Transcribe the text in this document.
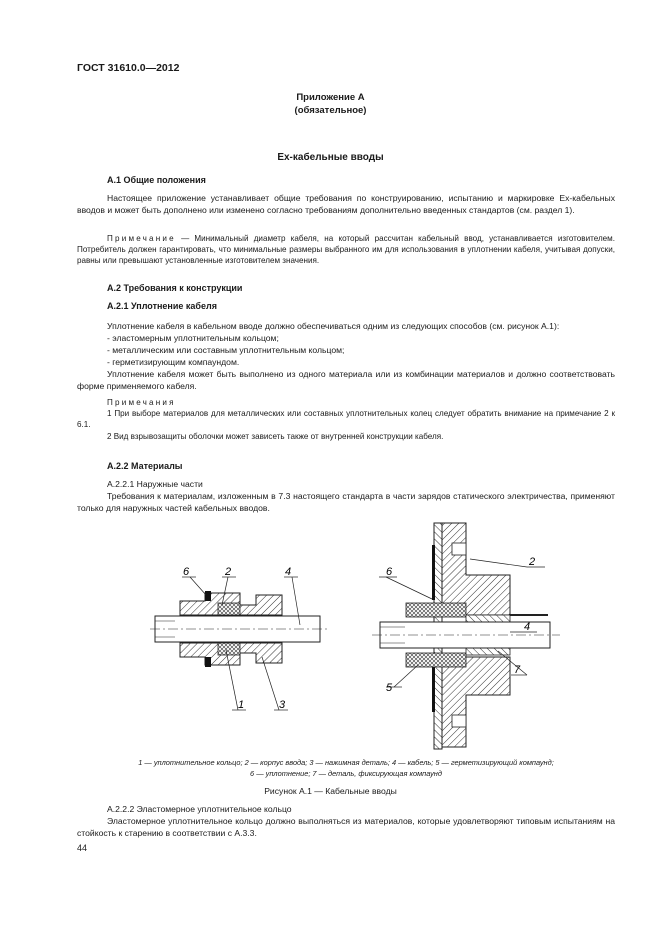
ГОСТ 31610.0—2012
Приложение А
(обязательное)
Ех-кабельные вводы
А.1 Общие положения
Настоящее приложение устанавливает общие требования по конструированию, испытанию и маркировке Ех-кабельных вводов и может быть дополнено или изменено согласно требованиям дополнительно введенных стандартов (см. раздел 1).
Примечание — Минимальный диаметр кабеля, на который рассчитан кабельный ввод, устанавливается изготовителем. Потребитель должен гарантировать, что минимальные размеры выбранного им для использования в уплотнении кабеля, учитывая допуски, равны или превышают установленные изготовителем значения.
А.2 Требования к конструкции
А.2.1 Уплотнение кабеля
Уплотнение кабеля в кабельном вводе должно обеспечиваться одним из следующих способов (см. рисунок А.1):
- эластомерным уплотнительным кольцом;
- металлическим или составным уплотнительным кольцом;
- герметизирующим компаундом.
Уплотнение кабеля может быть выполнено из одного материала или из комбинации материалов и должно соответствовать форме применяемого кабеля.
Примечания
1 При выборе материалов для металлических или составных уплотнительных колец следует обратить внимание на примечание 2 к 6.1.
2 Вид взрывозащиты оболочки может зависеть также от внутренней конструкции кабеля.
А.2.2 Материалы
А.2.2.1 Наружные части
Требования к материалам, изложенным в 7.3 настоящего стандарта в части зарядов статического электричества, применяют только для наружных частей кабельных вводов.
6	2	4
1	3
2
6
4
5
7
1 — уплотнительное кольцо; 2 — корпус ввода; 3 — нажимная деталь; 4 — кабель; 5 — герметизирующий компаунд;
6 — уплотнение; 7 — деталь, фиксирующая компаунд
Рисунок А.1 — Кабельные вводы
А.2.2.2 Эластомерное уплотнительное кольцо
Эластомерное уплотнительное кольцо должно выполняться из материалов, которые удовлетворяют типовым испытаниям на стойкость к старению в соответствии с А.3.3.
44
